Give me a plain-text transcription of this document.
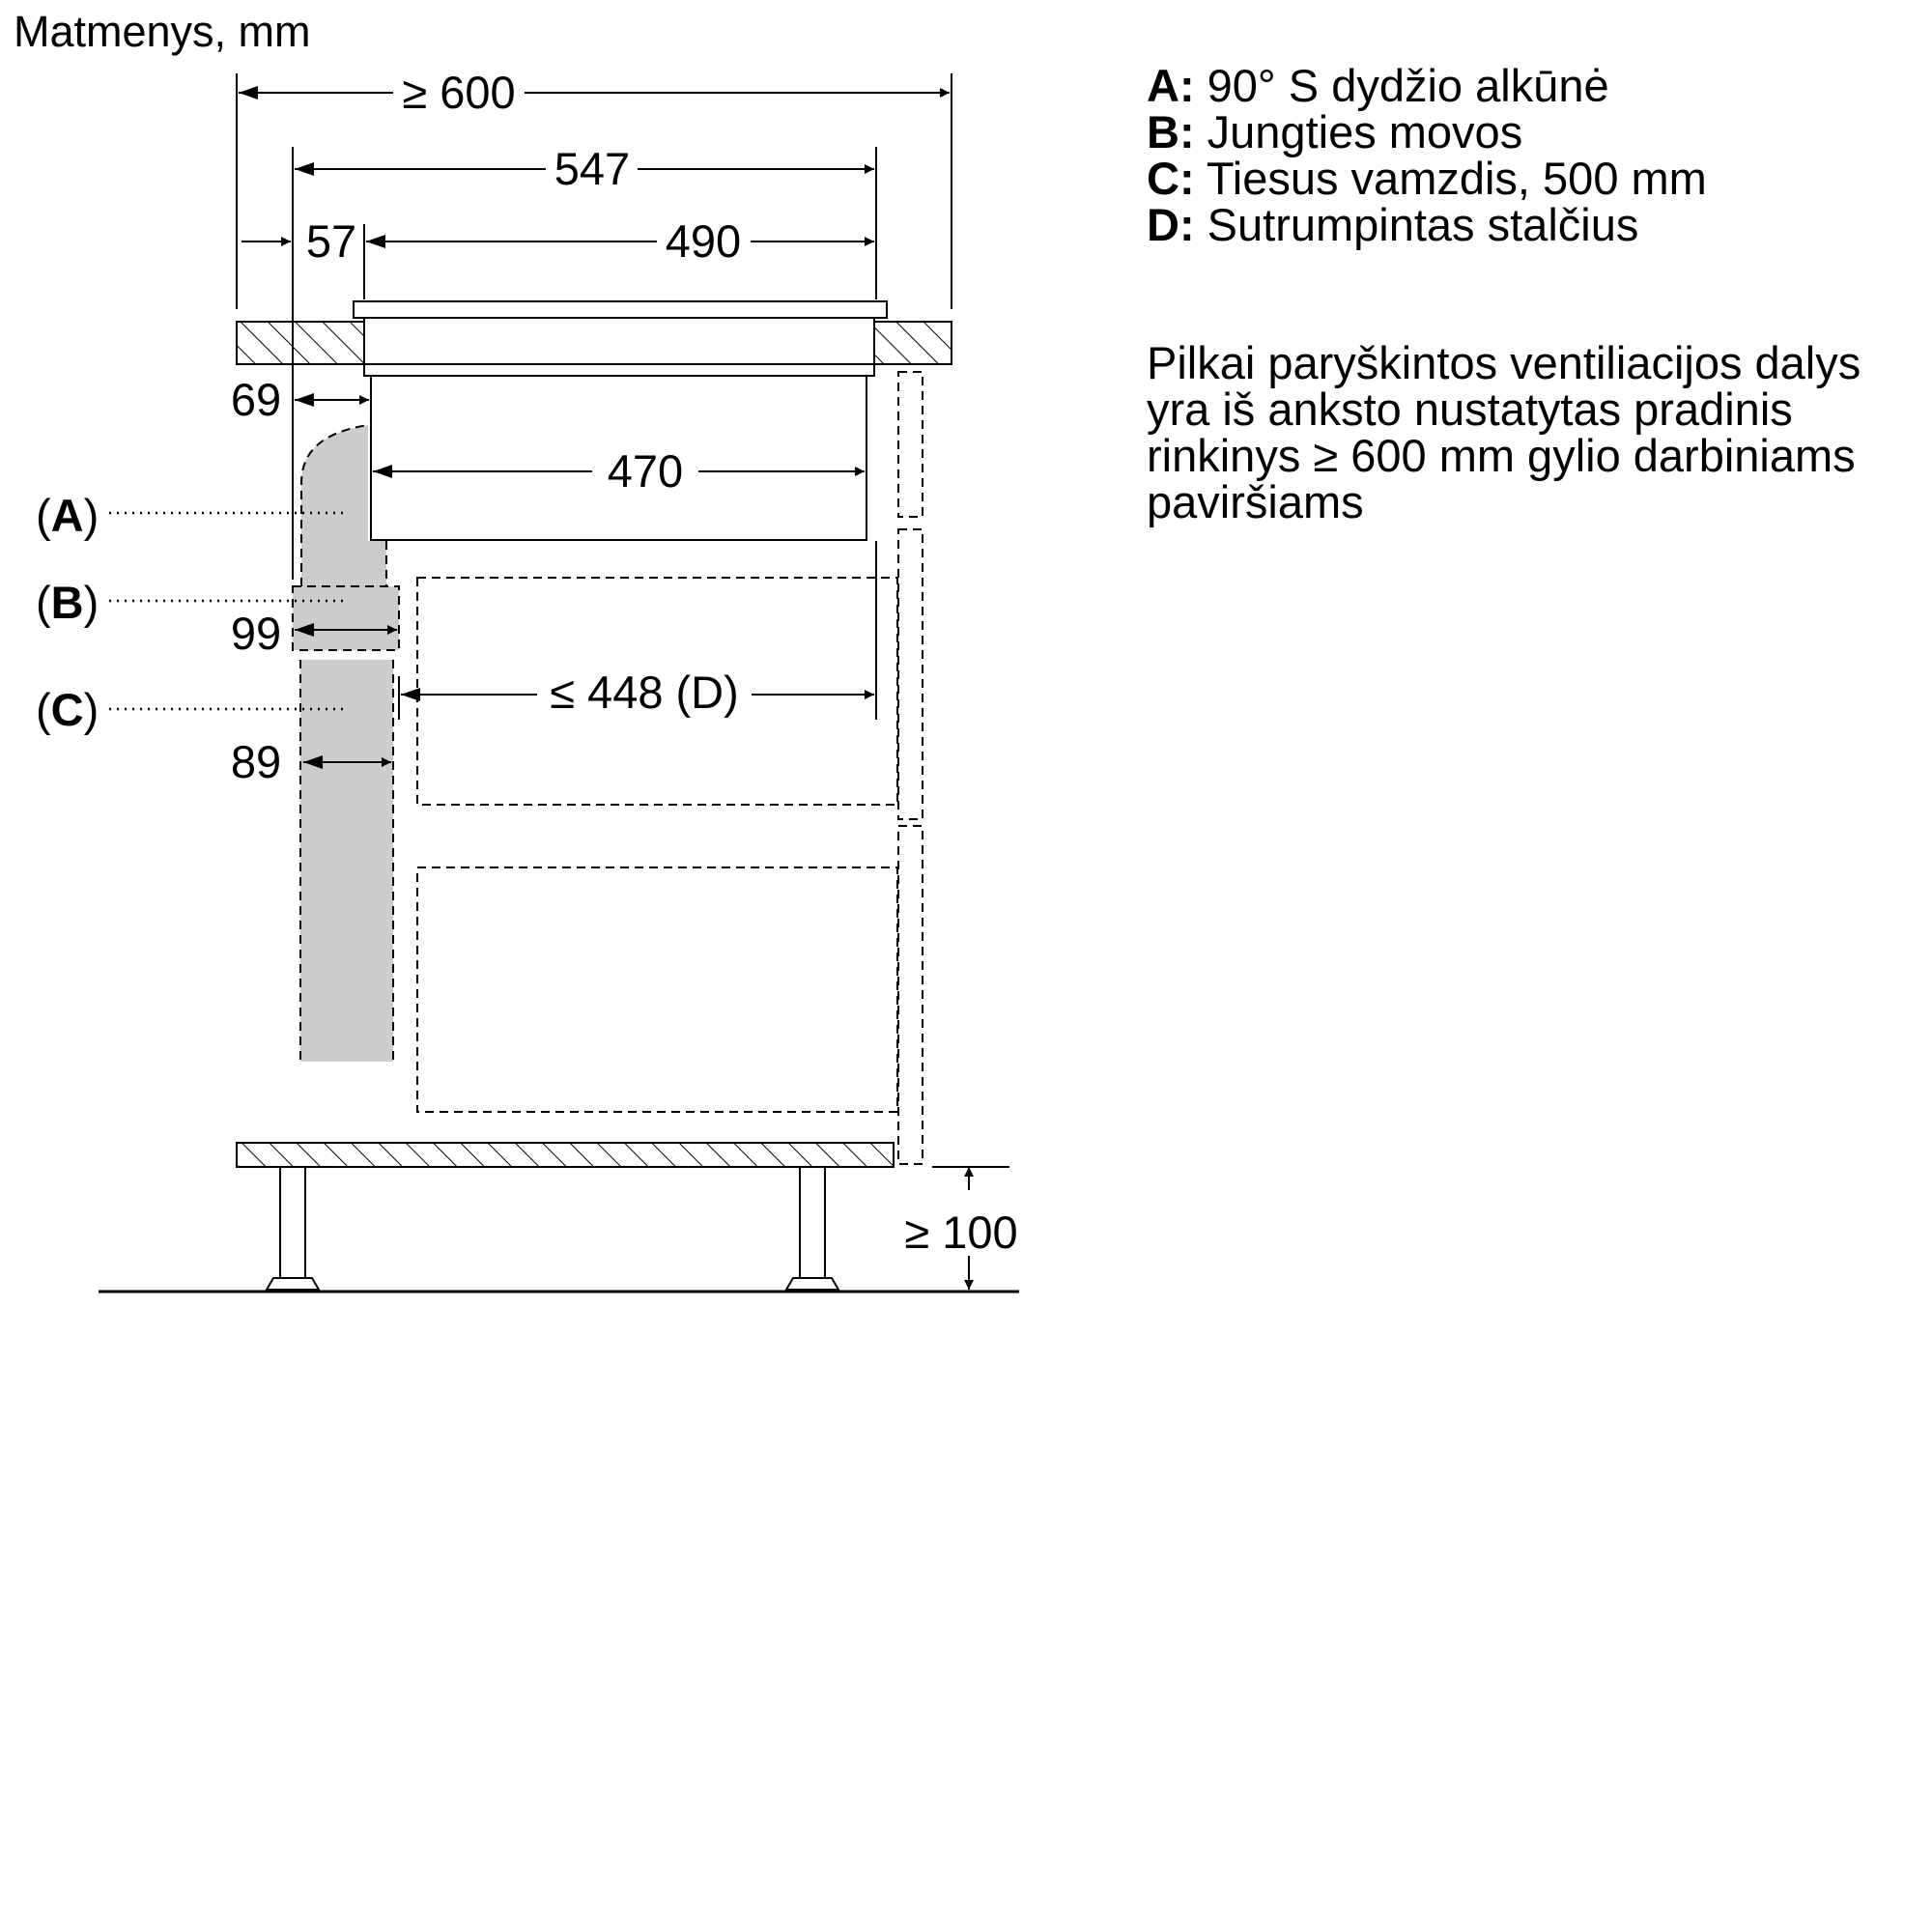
Matmenys, mm
≥ 600
547
57	490
69
470
99
≤ 448 (D)
89
(A)
(B)
(C)
≥ 100
A: 90° S dydžio alkūnė
B: Jungties movos
C: Tiesus vamzdis, 500 mm
D: Sutrumpintas stalčius
Pilkai paryškintos ventiliacijos dalys
yra iš anksto nustatytas pradinis
rinkinys ≥ 600 mm gylio darbiniams
paviršiams
